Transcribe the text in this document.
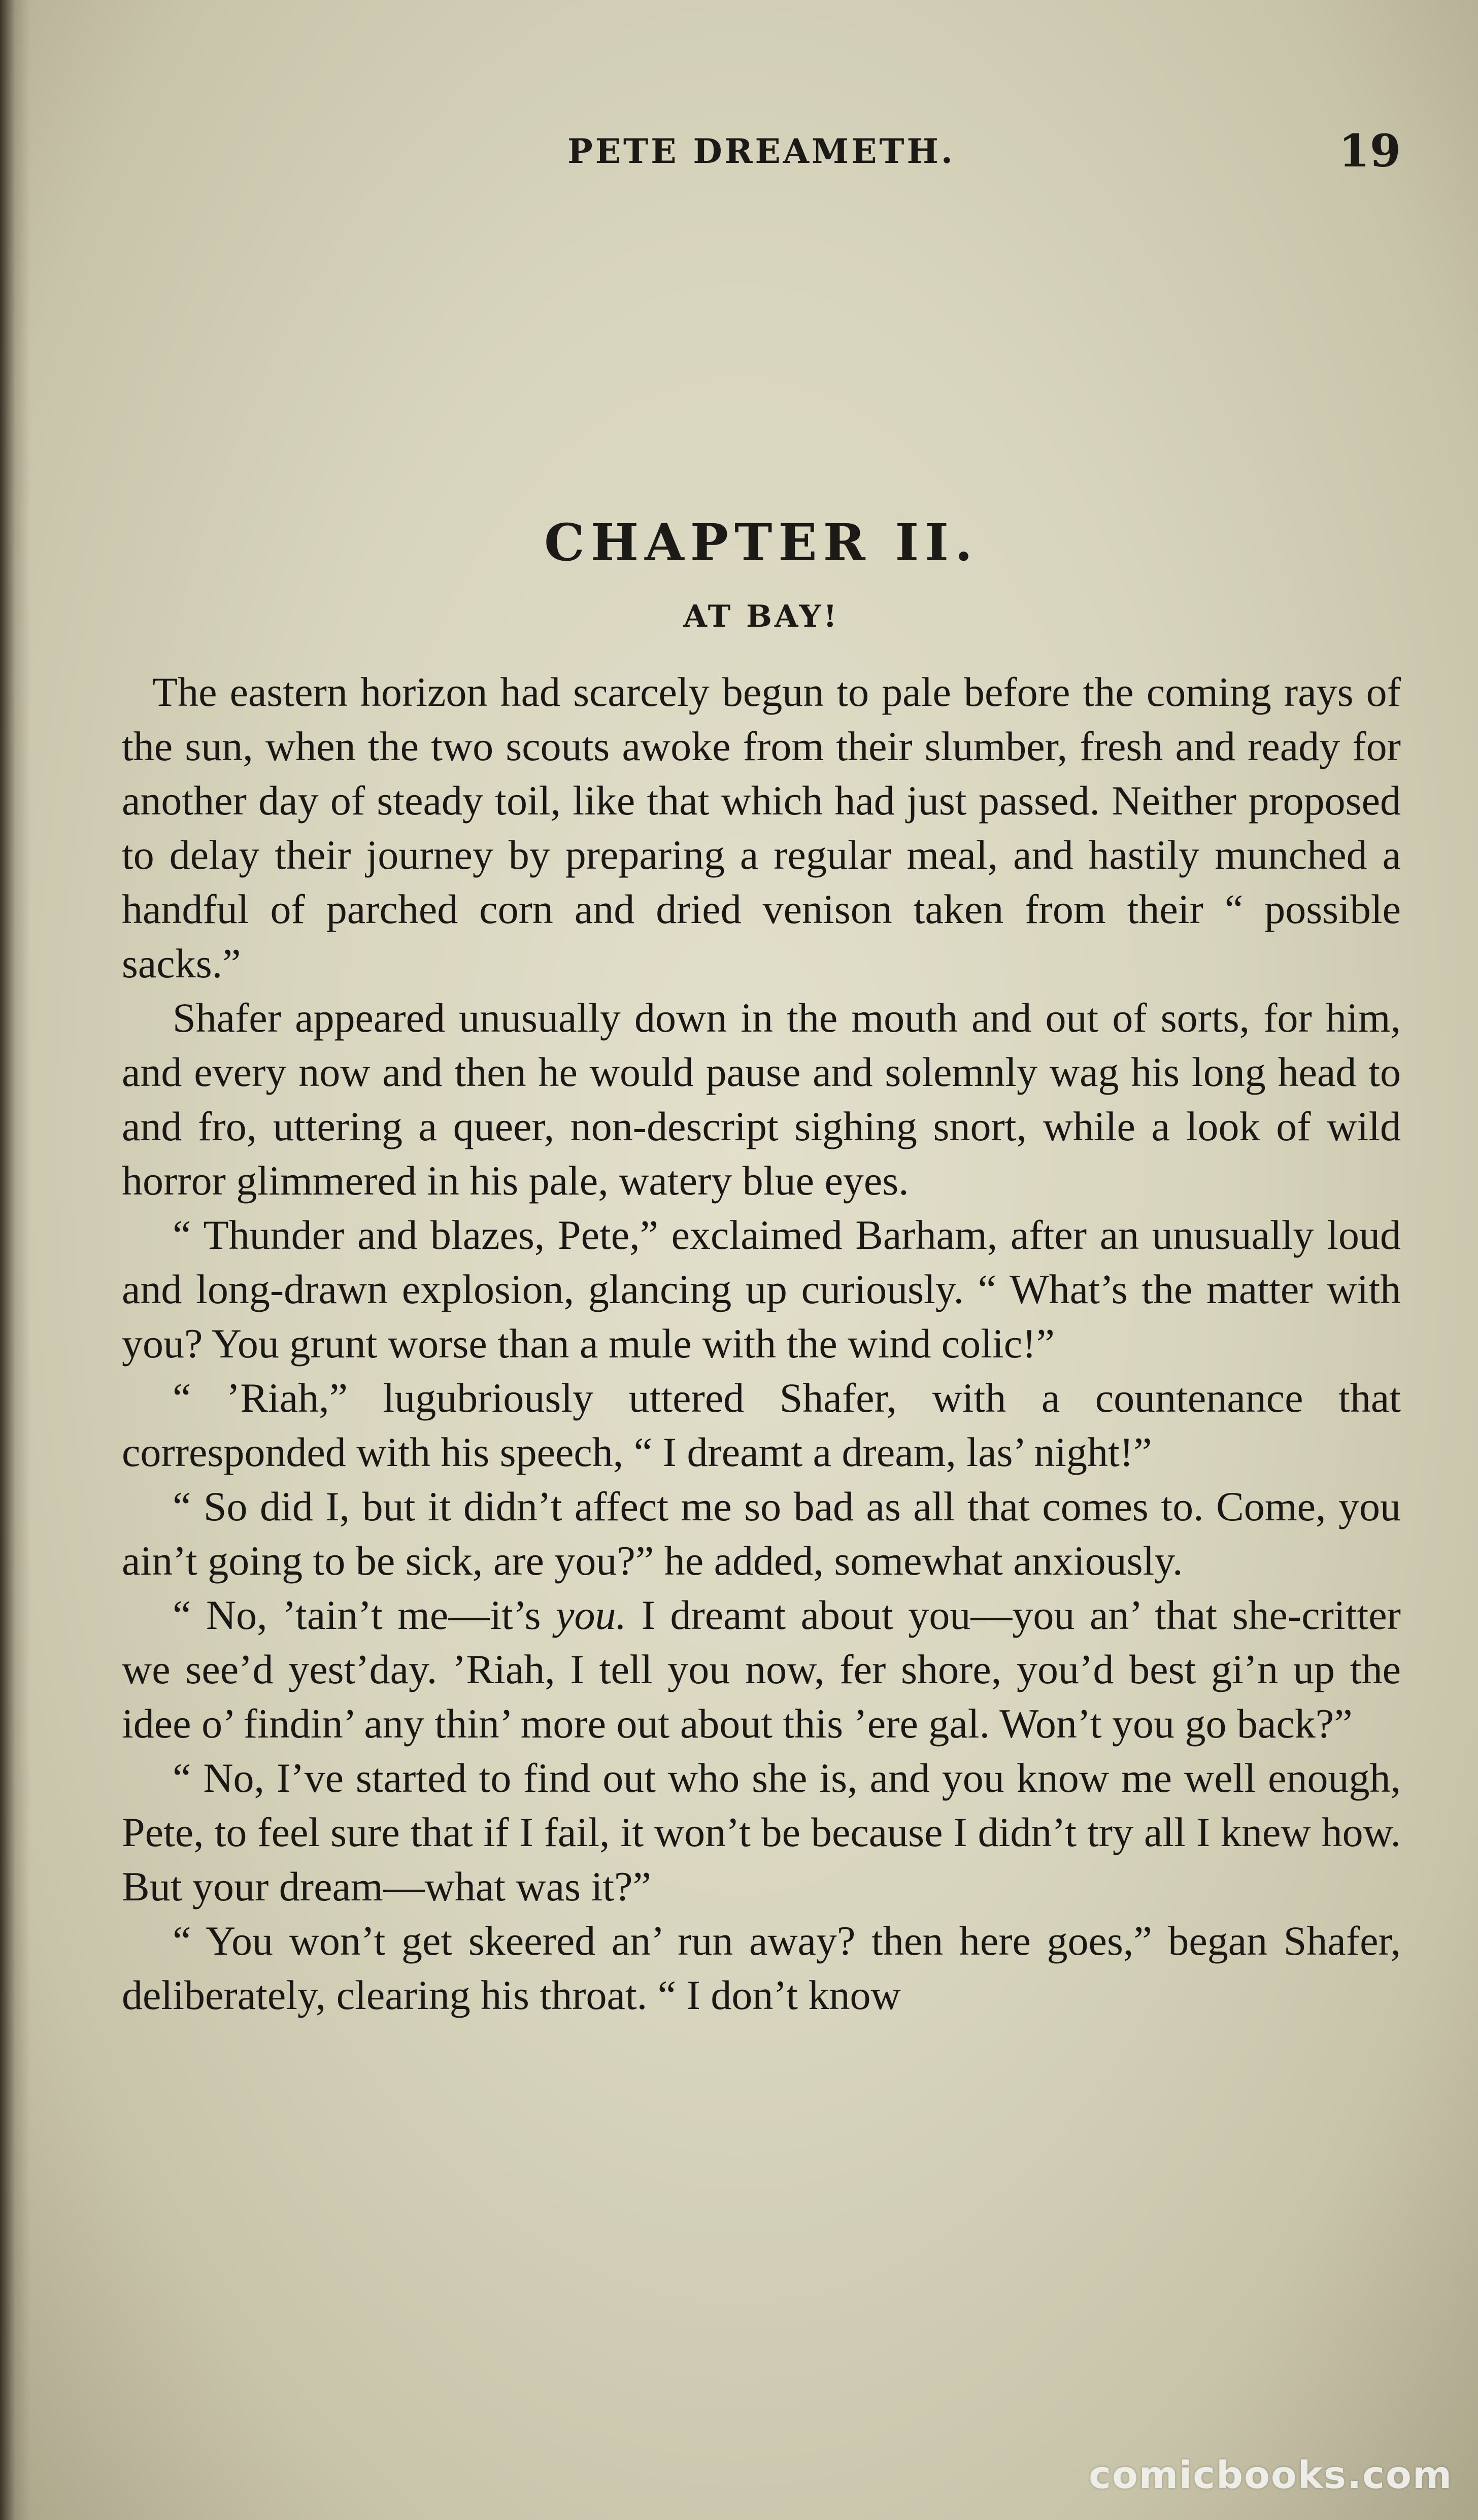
PETE DREAMETH.	19
CHAPTER II.
AT BAY!

The eastern horizon had scarcely begun to pale before the coming rays of the sun, when the two scouts awoke from their slumber, fresh and ready for another day of steady toil, like that which had just passed. Neither proposed to delay their journey by preparing a regular meal, and hastily munched a handful of parched corn and dried venison taken from their “ possible sacks.”

Shafer appeared unusually down in the mouth and out of sorts, for him, and every now and then he would pause and solemnly wag his long head to and fro, uttering a queer, non-descript sighing snort, while a look of wild horror glimmered in his pale, watery blue eyes.

“ Thunder and blazes, Pete,” exclaimed Barham, after an unusually loud and long-drawn explosion, glancing up curiously. “ What’s the matter with you? You grunt worse than a mule with the wind colic!”

“ ’Riah,” lugubriously uttered Shafer, with a countenance that corresponded with his speech, “ I dreamt a dream, las’ night!”

“ So did I, but it didn’t affect me so bad as all that comes to. Come, you ain’t going to be sick, are you?” he added, somewhat anxiously.

“ No, ’tain’t me—it’s you. I dreamt about you—you an’ that she-critter we see’d yest’day. ’Riah, I tell you now, fer shore, you’d best gi’n up the idee o’ findin’ any thin’ more out about this ’ere gal. Won’t you go back?”

“ No, I’ve started to find out who she is, and you know me well enough, Pete, to feel sure that if I fail, it won’t be because I didn’t try all I knew how. But your dream—what was it?”

“ You won’t get skeered an’ run away? then here goes,” began Shafer, deliberately, clearing his throat. “ I don’t know

comicbooks.com
